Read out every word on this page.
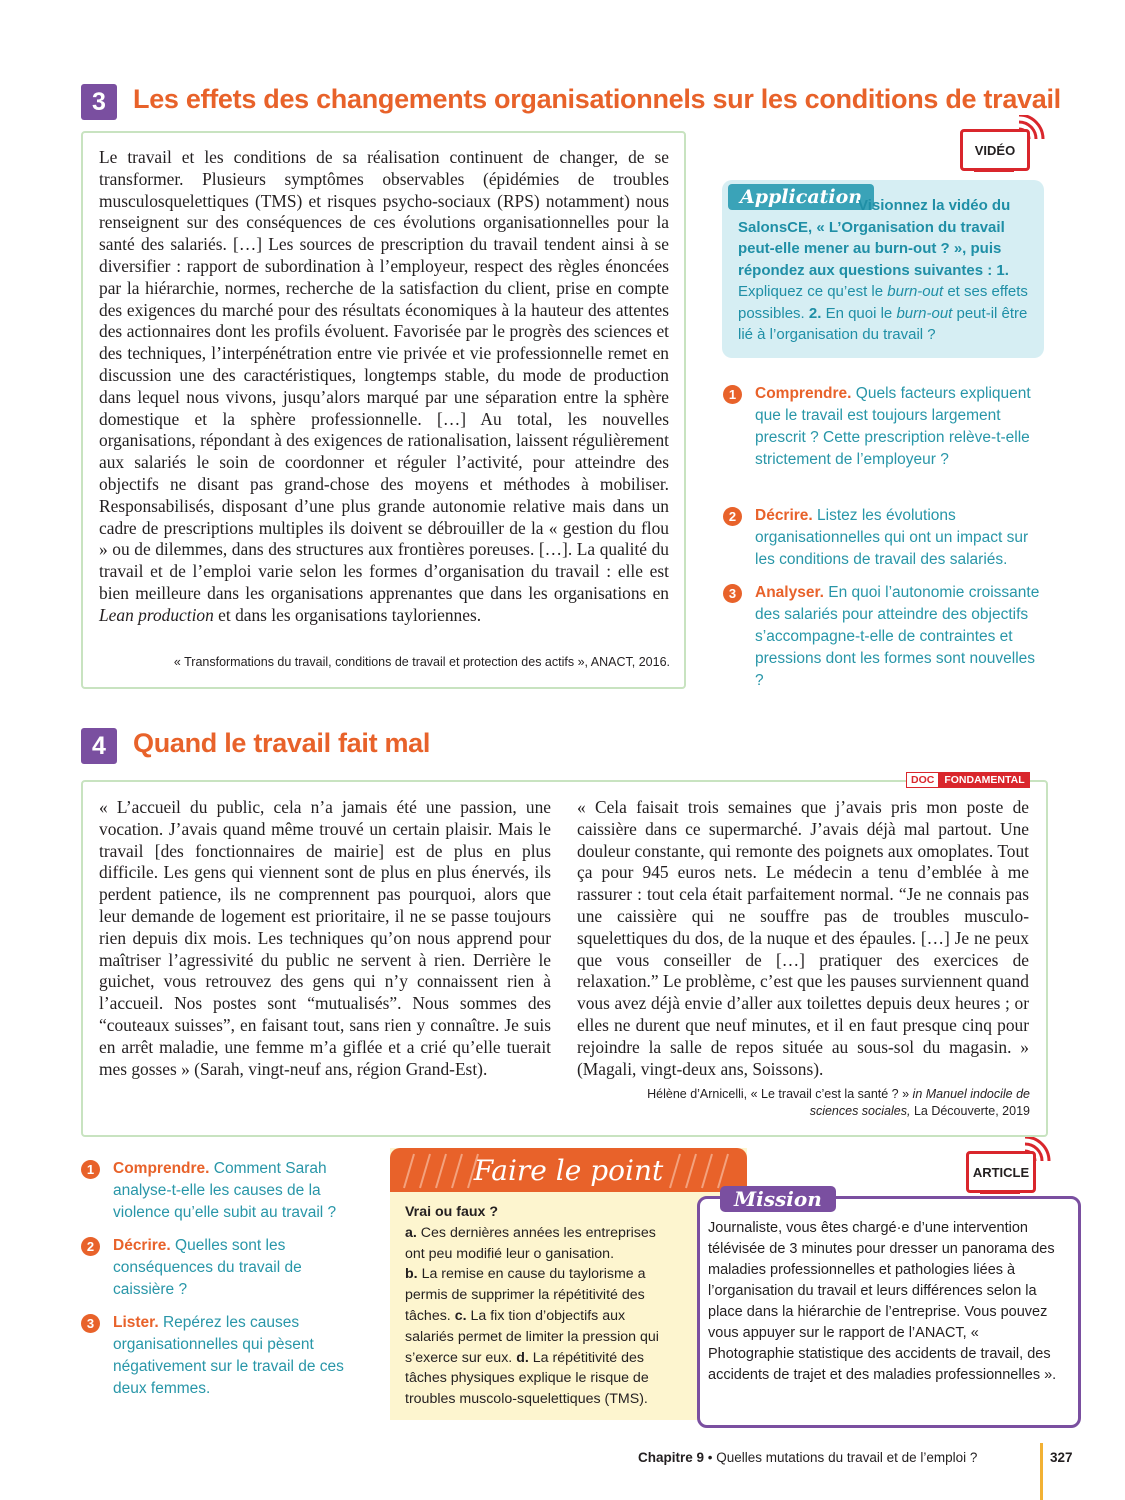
3	Les effets des changements organisationnels sur les conditions de travail
Le travail et les conditions de sa réalisation continuent de changer, de se transformer. Plusieurs symptômes observables (épidémies de troubles musculosquelettiques (TMS) et risques psycho-sociaux (RPS) notamment) nous renseignent sur des conséquences de ces évolutions organisationnelles pour la santé des salariés. […] Les sources de prescription du travail tendent ainsi à se diversifier : rapport de subordination à l’employeur, respect des règles énoncées par la hiérarchie, normes, recherche de la satisfaction du client, prise en compte des exigences du marché pour des résultats économiques à la hauteur des attentes des actionnaires dont les profils évoluent. Favorisée par le progrès des sciences et des techniques, l’interpénétration entre vie privée et vie professionnelle remet en discussion une des caractéristiques, longtemps stable, du mode de production dans lequel nous vivons, jusqu’alors marqué par une séparation entre la sphère domestique et la sphère professionnelle. […] Au total, les nouvelles organisations, répondant à des exigences de rationalisation, laissent régulièrement aux salariés le soin de coordonner et réguler l’activité, pour atteindre des objectifs ne disant pas grand-chose des moyens et méthodes à mobiliser. Responsabilisés, disposant d’une plus grande autonomie relative mais dans un cadre de prescriptions multiples ils doivent se débrouiller de la « gestion du flou » ou de dilemmes, dans des structures aux frontières poreuses. […]. La qualité du travail et de l’emploi varie selon les formes d’organisation du travail : elle est bien meilleure dans les organisations apprenantes que dans les organisations en Lean production et dans les organisations tayloriennes.
« Transformations du travail, conditions de travail et protection des actifs », ANACT, 2016.
VIDÉO
Application
Visionnez la vidéo du SalonsCE, « L’Organisation du travail peut-elle mener au burn-out ? », puis répondez aux questions suivantes : 1. Expliquez ce qu’est le burn-out et ses effets possibles. 2. En quoi le burn-out peut-il être lié à l’organisation du travail ?
1	Comprendre. Quels facteurs expliquent que le travail est toujours largement prescrit ? Cette prescription relève-t-elle strictement de l’employeur ?
2	Décrire. Listez les évolutions organisationnelles qui ont un impact sur les conditions de travail des salariés.
3	Analyser. En quoi l’autonomie croissante des salariés pour atteindre des objectifs s’accompagne-t-elle de contraintes et pressions dont les formes sont nouvelles ?
4	Quand le travail fait mal
DOC FONDAMENTAL
« L’accueil du public, cela n’a jamais été une passion, une vocation. J’avais quand même trouvé un certain plaisir. Mais le travail [des fonctionnaires de mairie] est de plus en plus difficile. Les gens qui viennent sont de plus en plus énervés, ils perdent patience, ils ne comprennent pas pourquoi, alors que leur demande de logement est prioritaire, il ne se passe toujours rien depuis dix mois. Les techniques qu’on nous apprend pour maîtriser l’agressivité du public ne servent à rien. Derrière le guichet, vous retrouvez des gens qui n’y connaissent rien à l’accueil. Nos postes sont “mutualisés”. Nous sommes des “couteaux suisses”, en faisant tout, sans rien y connaître. Je suis en arrêt maladie, une femme m’a giflée et a crié qu’elle tuerait mes gosses » (Sarah, vingt-neuf ans, région Grand-Est).
« Cela faisait trois semaines que j’avais pris mon poste de caissière dans ce supermarché. J’avais déjà mal partout. Une douleur constante, qui remonte des poignets aux omoplates. Tout ça pour 945 euros nets. Le médecin a tenu d’emblée à me rassurer : tout cela était parfaitement normal. “Je ne connais pas une caissière qui ne souffre pas de troubles musculo-squelettiques du dos, de la nuque et des épaules. […] Je ne peux que vous conseiller de […] pratiquer des exercices de relaxation.” Le problème, c’est que les pauses surviennent quand vous avez déjà envie d’aller aux toilettes depuis deux heures ; or elles ne durent que neuf minutes, et il en faut presque cinq pour rejoindre la salle de repos située au sous-sol du magasin. » (Magali, vingt-deux ans, Soissons).
Hélène d’Arnicelli, « Le travail c’est la santé ? » in Manuel indocile de
sciences sociales, La Découverte, 2019
1	Comprendre. Comment Sarah analyse-t-elle les causes de la violence qu’elle subit au travail ?
2	Décrire. Quelles sont les conséquences du travail de caissière ?
3	Lister. Repérez les causes organisationnelles qui pèsent négativement sur le travail de ces deux femmes.
Faire le point
Vrai ou faux ?
a. Ces dernières années les entreprises ont peu modifié leur o ganisation.
b. La remise en cause du taylorisme a permis de supprimer la répétitivité des tâches. c. La fix tion d’objectifs aux salariés permet de limiter la pression qui s’exerce sur eux. d. La répétitivité des tâches physiques explique le risque de troubles muscolo-squelettiques (TMS).
ARTICLE
Mission
Journaliste, vous êtes chargé·e d’une intervention télévisée de 3 minutes pour dresser un panorama des maladies professionnelles et pathologies liées à l’organisation du travail et leurs différences selon la place dans la hiérarchie de l’entreprise. Vous pouvez vous appuyer sur le rapport de l’ANACT, « Photographie statistique des accidents de travail, des accidents de trajet et des maladies professionnelles ».
Chapitre 9 • Quelles mutations du travail et de l’emploi ?	327
